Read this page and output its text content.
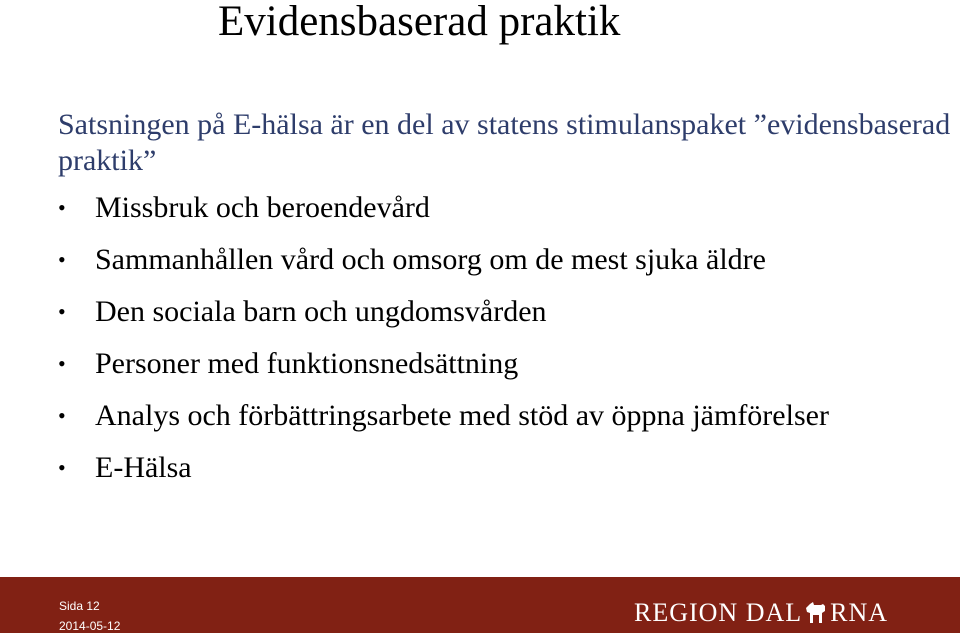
Evidensbaserad praktik

Satsningen på E-hälsa är en del av statens stimulanspaket ”evidensbaserad praktik”

• Missbruk och beroendevård
• Sammanhållen vård och omsorg om de mest sjuka äldre
• Den sociala barn och ungdomsvården
• Personer med funktionsnedsättning
• Analys och förbättringsarbete med stöd av öppna jämförelser
• E-Hälsa
Sida 12
2014-05-12	REGION DAL RNA
